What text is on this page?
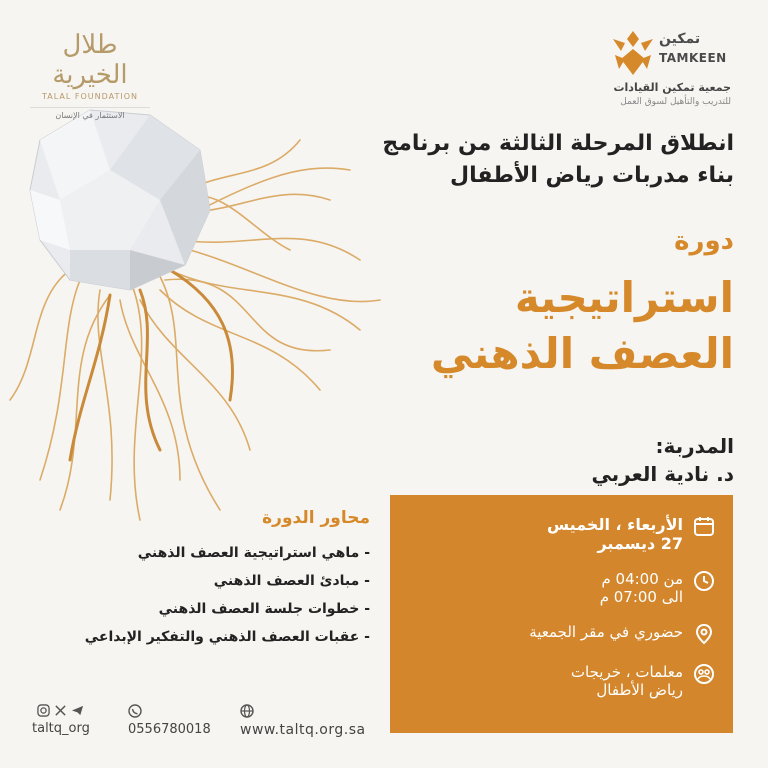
طلال الخيرية
TALAL FOUNDATION
الاستثمار في الإنسان
تمكين
TAMKEEN
جمعية تمكين القيادات
للتدريب والتأهيل لسوق العمل
انطلاق المرحلة الثالثة من برنامج
بناء مدربات رياض الأطفال
دورة
استراتيجية
العصف الذهني
المدربة:
د. نادية العربي
محاور الدورة
- ماهي استراتيجية العصف الذهني
- مبادئ العصف الذهني
- خطوات جلسة العصف الذهني
- عقبات العصف الذهني والتفكير الإبداعي
الأربعاء ، الخميس
27 ديسمبر
من 04:00 م
الى 07:00 م
حضوري في مقر الجمعية
معلمات ، خريجات
رياض الأطفال
taltq_org	0556780018 www.taltq.org.sa
